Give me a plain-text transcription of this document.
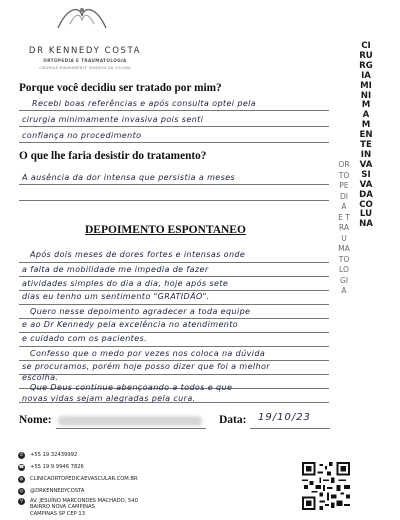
DR KENNEDY COSTA
ORTOPEDIA E TRAUMATOLOGIA
CIRURGIA MINIMAMENTE INVASIVA DA COLUNA
CIRURGIA MINIMAMENTE INVASIVA DA COLUNA
ORTOPEDIA E TRAUMATOLOGIA
Porque você decidiu ser tratado por mim?
Recebi boas referências e após consulta optei pela
cirurgia minimamente invasiva pois senti
confiança no procedimento
O que lhe faria desistir do tratamento?
A ausência da dor intensa que persistia a meses
DEPOIMENTO ESPONTANEO
Após dois meses de dores fortes e intensas onde
a falta de mobilidade me impedia de fazer
atividades simples do dia a dia, hoje após sete
dias eu tenho um sentimento "GRATIDÃO".
Quero nesse depoimento agradecer a toda equipe
e ao Dr Kennedy pela excelência no atendimento
e cuidado com os pacientes.
Confesso que o medo por vezes nos coloca na dúvida
se procuramos, porém hoje posso dizer que foi a melhor
escolha.
Que Deus continue abençoando a todos e que
novas vidas sejam alegradas pela cura.
Nome:	Data: 19/10/23
✆	+55 19 32439992
☎ +55 19 9 9946 7826
◍ CLINICAORTOPEDICAEVASCULAR.COM.BR
◎ @DRKENNEDYCOSTA
⚲	AV. JESUÍNO MARCONDES MACHADO, 540
BAIRRO NOVA CAMPINAS
CAMPINAS SP CEP 13
